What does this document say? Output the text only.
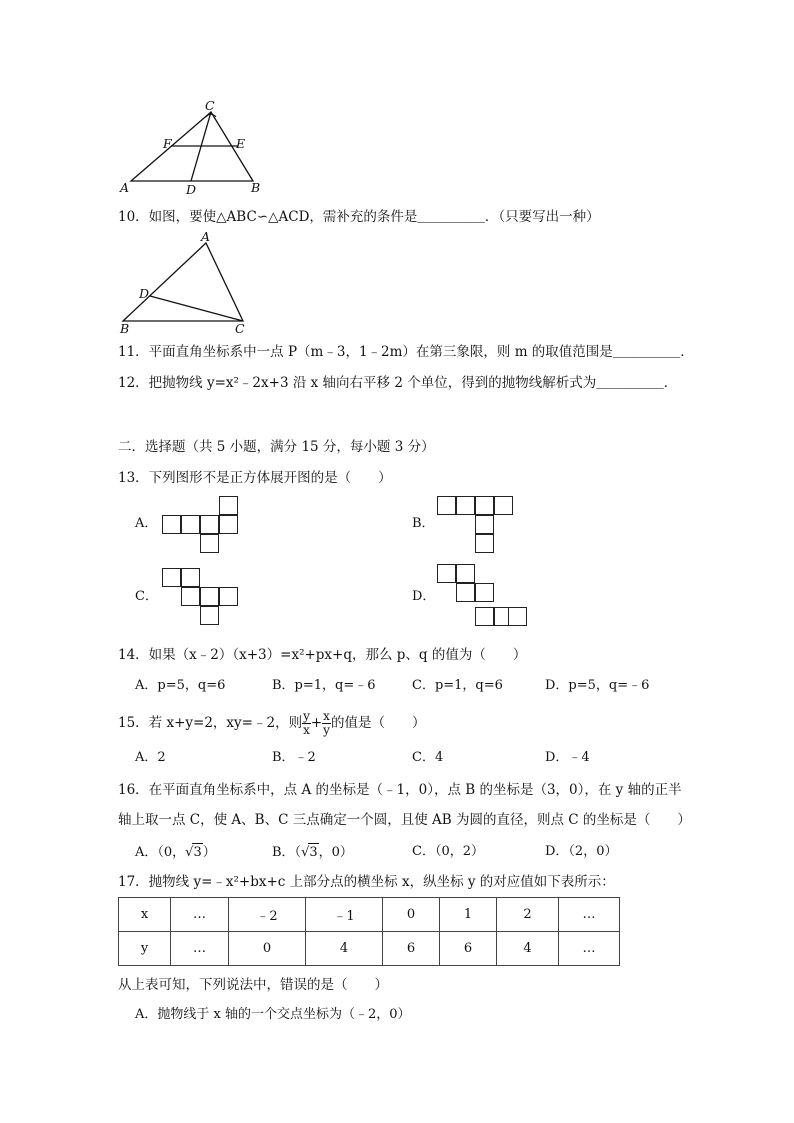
C
F	E
A	D	B
10．如图，要使△ABC∽△ACD，需补充的条件是＿＿＿＿＿．（只要写出一种）
A
D
B	C
11．平面直角坐标系中一点 P（m﹣3，1﹣2m）在第三象限，则 m 的取值范围是＿＿＿＿＿．
12．把抛物线 y=x²﹣2x+3 沿 x 轴向右平移 2 个单位，得到的抛物线解析式为＿＿＿＿＿．
二．选择题（共 5 小题，满分 15 分，每小题 3 分）
13．下列图形不是正方体展开图的是（　　）
A．	B．
C．	D．
14．如果（x﹣2）（x+3）=x²+px+q，那么 p、q 的值为（　　）
A．p=5，q=6	B．p=1，q=﹣6	C．p=1，q=6	D．p=5，q=﹣6
15．若 x+y=2，xy=﹣2，则 $\frac{y}{x} + \frac{x}{y}$ 的值是（　　）
A．2	B．﹣2	C．4	D．﹣4
16．在平面直角坐标系中，点 A 的坐标是（﹣1，0），点 B 的坐标是（3，0），在 y 轴的正半
轴上取一点 C，使 A、B、C 三点确定一个圆，且使 AB 为圆的直径，则点 C 的坐标是（　　）
A．（0，√3）	B．（√3，0）	C．（0，2）	D．（2，0）
17．抛物线 y=﹣x²+bx+c 上部分点的横坐标 x，纵坐标 y 的对应值如下表所示：
x	…	﹣2	﹣1	0	1	2	…
y	…	0	4	6	6	4	…
从上表可知，下列说法中，错误的是（　　）
A．抛物线于 x 轴的一个交点坐标为（﹣2，0）
